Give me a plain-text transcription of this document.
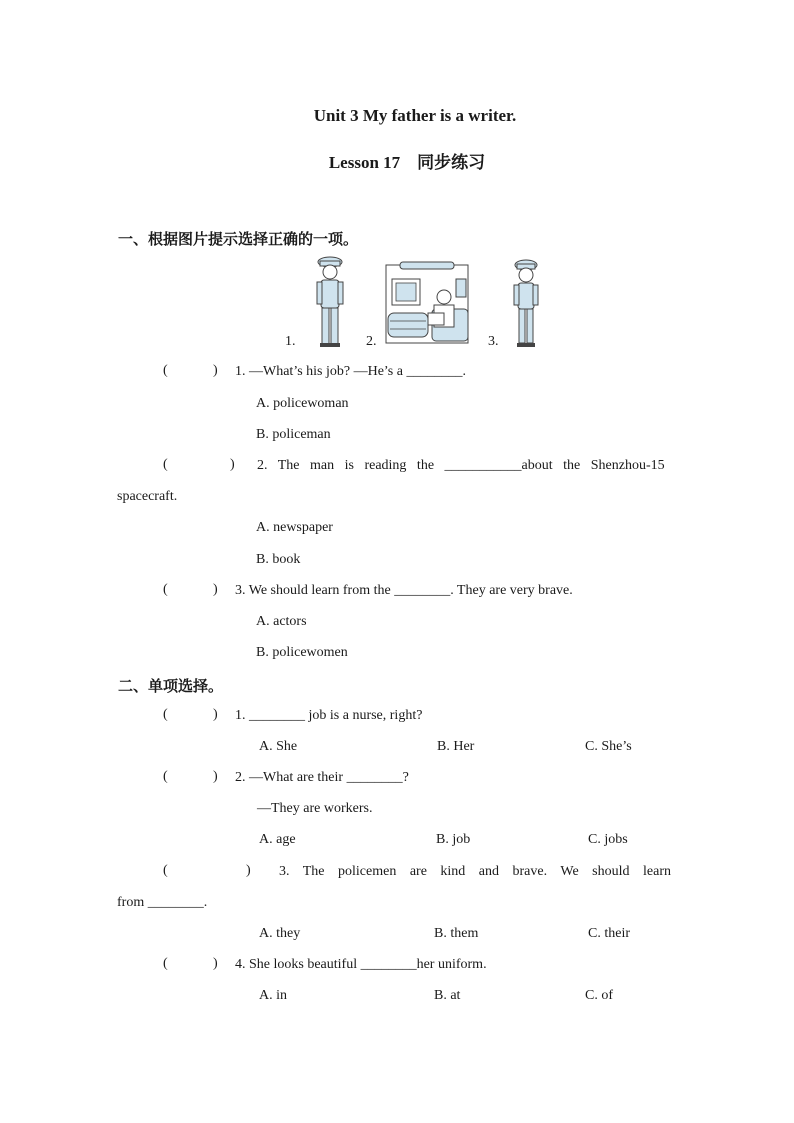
Unit 3 My father is a writer.
Lesson 17　同步练习
一、根据图片提示选择正确的一项。
1.	2.	3.
(	) 1. —What’s his job? —He’s a ________.
A. policewoman
B. policeman
(	) 2. The man is reading the ___________about the Shenzhou-15
spacecraft.
A. newspaper
B. book
(	) 3. We should learn from the ________. They are very brave.
A. actors
B. policewomen
二、单项选择。
(	) 1. ________ job is a nurse, right?
A. She	B. Her	C. She’s
(	) 2. —What are their ________?
—They are workers.
A. age	B. job	C. jobs
(	) 3. The policemen are kind and brave. We should learn
from ________.
A. they	B. them	C. their
(	) 4. She looks beautiful ________her uniform.
A. in	B. at	C. of
